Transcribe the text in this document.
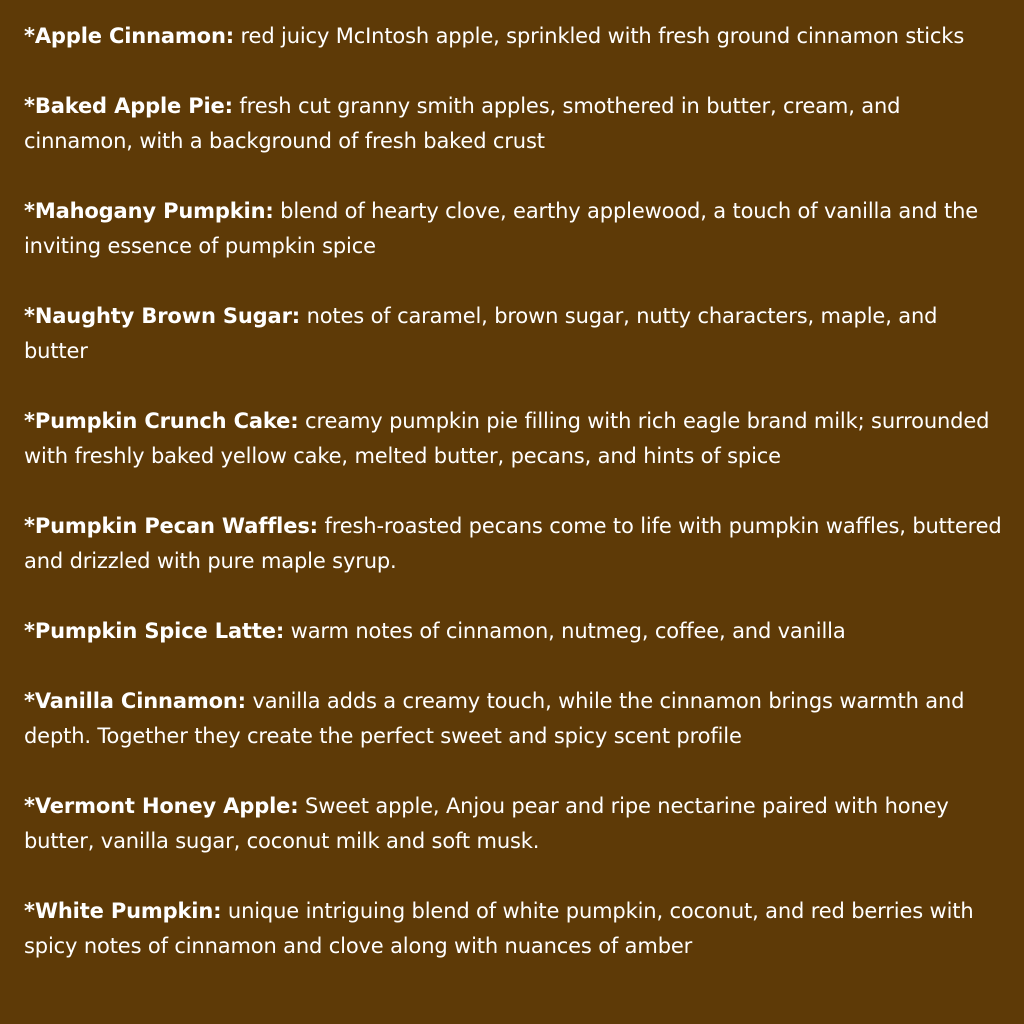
*Apple Cinnamon: red juicy McIntosh apple, sprinkled with fresh ground cinnamon sticks

*Baked Apple Pie: fresh cut granny smith apples, smothered in butter, cream, and cinnamon, with a background of fresh baked crust

*Mahogany Pumpkin: blend of hearty clove, earthy applewood, a touch of vanilla and the inviting essence of pumpkin spice

*Naughty Brown Sugar: notes of caramel, brown sugar, nutty characters, maple, and butter

*Pumpkin Crunch Cake: creamy pumpkin pie filling with rich eagle brand milk; surrounded with freshly baked yellow cake, melted butter, pecans, and hints of spice

*Pumpkin Pecan Waffles: fresh-roasted pecans come to life with pumpkin waffles, buttered and drizzled with pure maple syrup.

*Pumpkin Spice Latte: warm notes of cinnamon, nutmeg, coffee, and vanilla

*Vanilla Cinnamon: vanilla adds a creamy touch, while the cinnamon brings warmth and depth. Together they create the perfect sweet and spicy scent profile

*Vermont Honey Apple: Sweet apple, Anjou pear and ripe nectarine paired with honey butter, vanilla sugar, coconut milk and soft musk.

*White Pumpkin: unique intriguing blend of white pumpkin, coconut, and red berries with spicy notes of cinnamon and clove along with nuances of amber
